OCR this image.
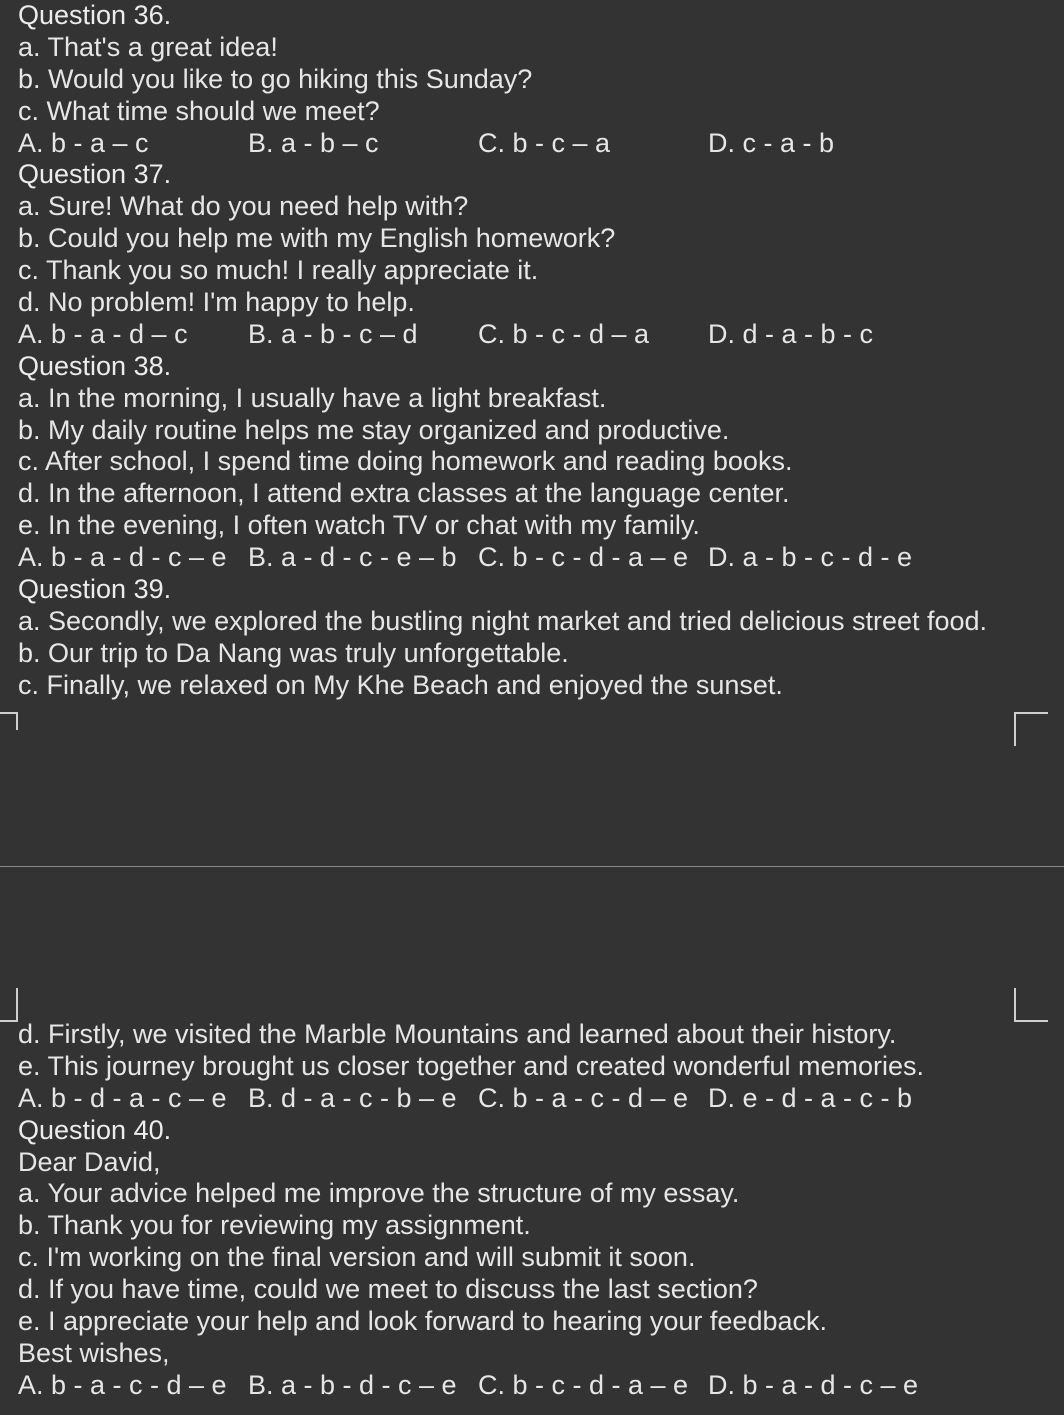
Question 36.
a. That's a great idea!
b. Would you like to go hiking this Sunday?
c. What time should we meet?
A. b - a – c	B. a - b – c	C. b - c – a	D. c - a - b
Question 37.
a. Sure! What do you need help with?
b. Could you help me with my English homework?
c. Thank you so much! I really appreciate it.
d. No problem! I'm happy to help.
A. b - a - d – c	B. a - b - c – d	C. b - c - d – a	D. d - a - b - c
Question 38.
a. In the morning, I usually have a light breakfast.
b. My daily routine helps me stay organized and productive.
c. After school, I spend time doing homework and reading books.
d. In the afternoon, I attend extra classes at the language center.
e. In the evening, I often watch TV or chat with my family.
A. b - a - d - c – e B. a - d - c - e – b C. b - c - d - a – e D. a - b - c - d - e
Question 39.
a. Secondly, we explored the bustling night market and tried delicious street food.
b. Our trip to Da Nang was truly unforgettable.
c. Finally, we relaxed on My Khe Beach and enjoyed the sunset.
d. Firstly, we visited the Marble Mountains and learned about their history.
e. This journey brought us closer together and created wonderful memories.
A. b - d - a - c – e B. d - a - c - b – e C. b - a - c - d – e D. e - d - a - c - b
Question 40.
Dear David,
a. Your advice helped me improve the structure of my essay.
b. Thank you for reviewing my assignment.
c. I'm working on the final version and will submit it soon.
d. If you have time, could we meet to discuss the last section?
e. I appreciate your help and look forward to hearing your feedback.
Best wishes,
A. b - a - c - d – e B. a - b - d - c – e C. b - c - d - a – e D. b - a - d - c – e
